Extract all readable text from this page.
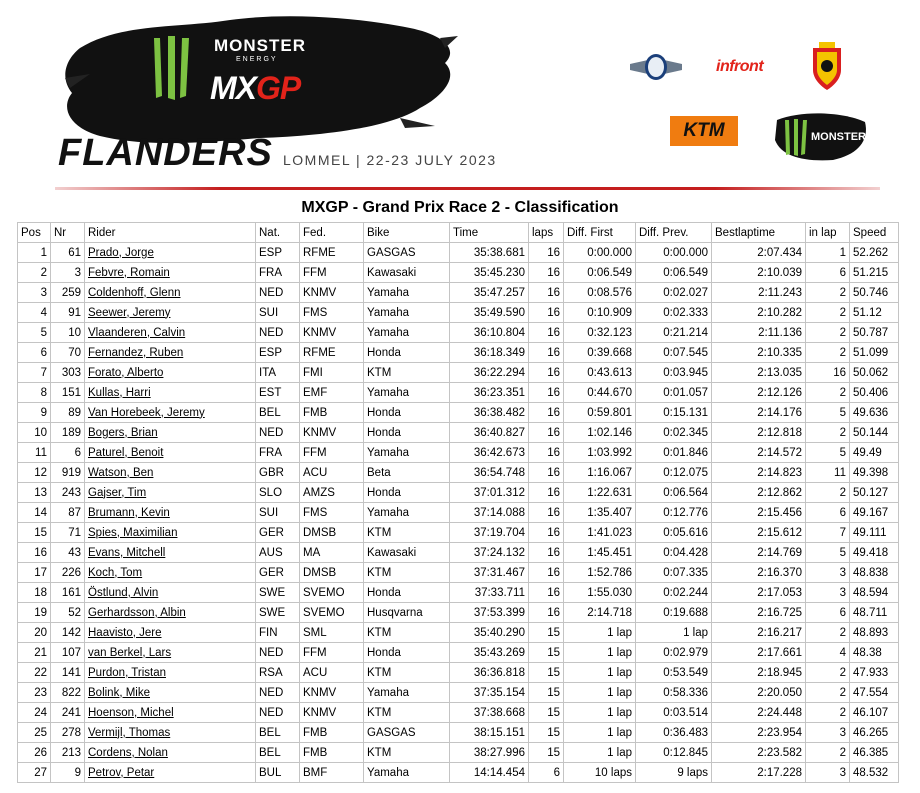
MONSTER
ENERGY
MXGP
FLANDERS LOMMEL | 22-23 JULY 2023
infront
KTM	MONSTER
MXGP - Grand Prix Race 2 - Classification
Pos	Nr	Rider	Nat.	Fed.	Bike	Time	laps	Diff. First	Diff. Prev.	Bestlaptime	in lap	Speed
1	61	Prado, Jorge	ESP	RFME	GASGAS	35:38.681	16	0:00.000	0:00.000	2:07.434	1	52.262
2	3	Febvre, Romain	FRA	FFM	Kawasaki	35:45.230	16	0:06.549	0:06.549	2:10.039	6	51.215
3	259	Coldenhoff, Glenn	NED	KNMV	Yamaha	35:47.257	16	0:08.576	0:02.027	2:11.243	2	50.746
4	91	Seewer, Jeremy	SUI	FMS	Yamaha	35:49.590	16	0:10.909	0:02.333	2:10.282	2	51.12
5	10	Vlaanderen, Calvin	NED	KNMV	Yamaha	36:10.804	16	0:32.123	0:21.214	2:11.136	2	50.787
6	70	Fernandez, Ruben	ESP	RFME	Honda	36:18.349	16	0:39.668	0:07.545	2:10.335	2	51.099
7	303	Forato, Alberto	ITA	FMI	KTM	36:22.294	16	0:43.613	0:03.945	2:13.035	16	50.062
8	151	Kullas, Harri	EST	EMF	Yamaha	36:23.351	16	0:44.670	0:01.057	2:12.126	2	50.406
9	89	Van Horebeek, Jeremy	BEL	FMB	Honda	36:38.482	16	0:59.801	0:15.131	2:14.176	5	49.636
10	189	Bogers, Brian	NED	KNMV	Honda	36:40.827	16	1:02.146	0:02.345	2:12.818	2	50.144
11	6	Paturel, Benoit	FRA	FFM	Yamaha	36:42.673	16	1:03.992	0:01.846	2:14.572	5	49.49
12	919	Watson, Ben	GBR	ACU	Beta	36:54.748	16	1:16.067	0:12.075	2:14.823	11	49.398
13	243	Gajser, Tim	SLO	AMZS	Honda	37:01.312	16	1:22.631	0:06.564	2:12.862	2	50.127
14	87	Brumann, Kevin	SUI	FMS	Yamaha	37:14.088	16	1:35.407	0:12.776	2:15.456	6	49.167
15	71	Spies, Maximilian	GER	DMSB	KTM	37:19.704	16	1:41.023	0:05.616	2:15.612	7	49.111
16	43	Evans, Mitchell	AUS	MA	Kawasaki	37:24.132	16	1:45.451	0:04.428	2:14.769	5	49.418
17	226	Koch, Tom	GER	DMSB	KTM	37:31.467	16	1:52.786	0:07.335	2:16.370	3	48.838
18	161	Östlund, Alvin	SWE	SVEMO	Honda	37:33.711	16	1:55.030	0:02.244	2:17.053	3	48.594
19	52	Gerhardsson, Albin	SWE	SVEMO	Husqvarna	37:53.399	16	2:14.718	0:19.688	2:16.725	6	48.711
20	142	Haavisto, Jere	FIN	SML	KTM	35:40.290	15	1 lap	1 lap	2:16.217	2	48.893
21	107	van Berkel, Lars	NED	FFM	Honda	35:43.269	15	1 lap	0:02.979	2:17.661	4	48.38
22	141	Purdon, Tristan	RSA	ACU	KTM	36:36.818	15	1 lap	0:53.549	2:18.945	2	47.933
23	822	Bolink, Mike	NED	KNMV	Yamaha	37:35.154	15	1 lap	0:58.336	2:20.050	2	47.554
24	241	Hoenson, Michel	NED	KNMV	KTM	37:38.668	15	1 lap	0:03.514	2:24.448	2	46.107
25	278	Vermijl, Thomas	BEL	FMB	GASGAS	38:15.151	15	1 lap	0:36.483	2:23.954	3	46.265
26	213	Cordens, Nolan	BEL	FMB	KTM	38:27.996	15	1 lap	0:12.845	2:23.582	2	46.385
27	9	Petrov, Petar	BUL	BMF	Yamaha	14:14.454	6	10 laps	9 laps	2:17.228	3	48.532
